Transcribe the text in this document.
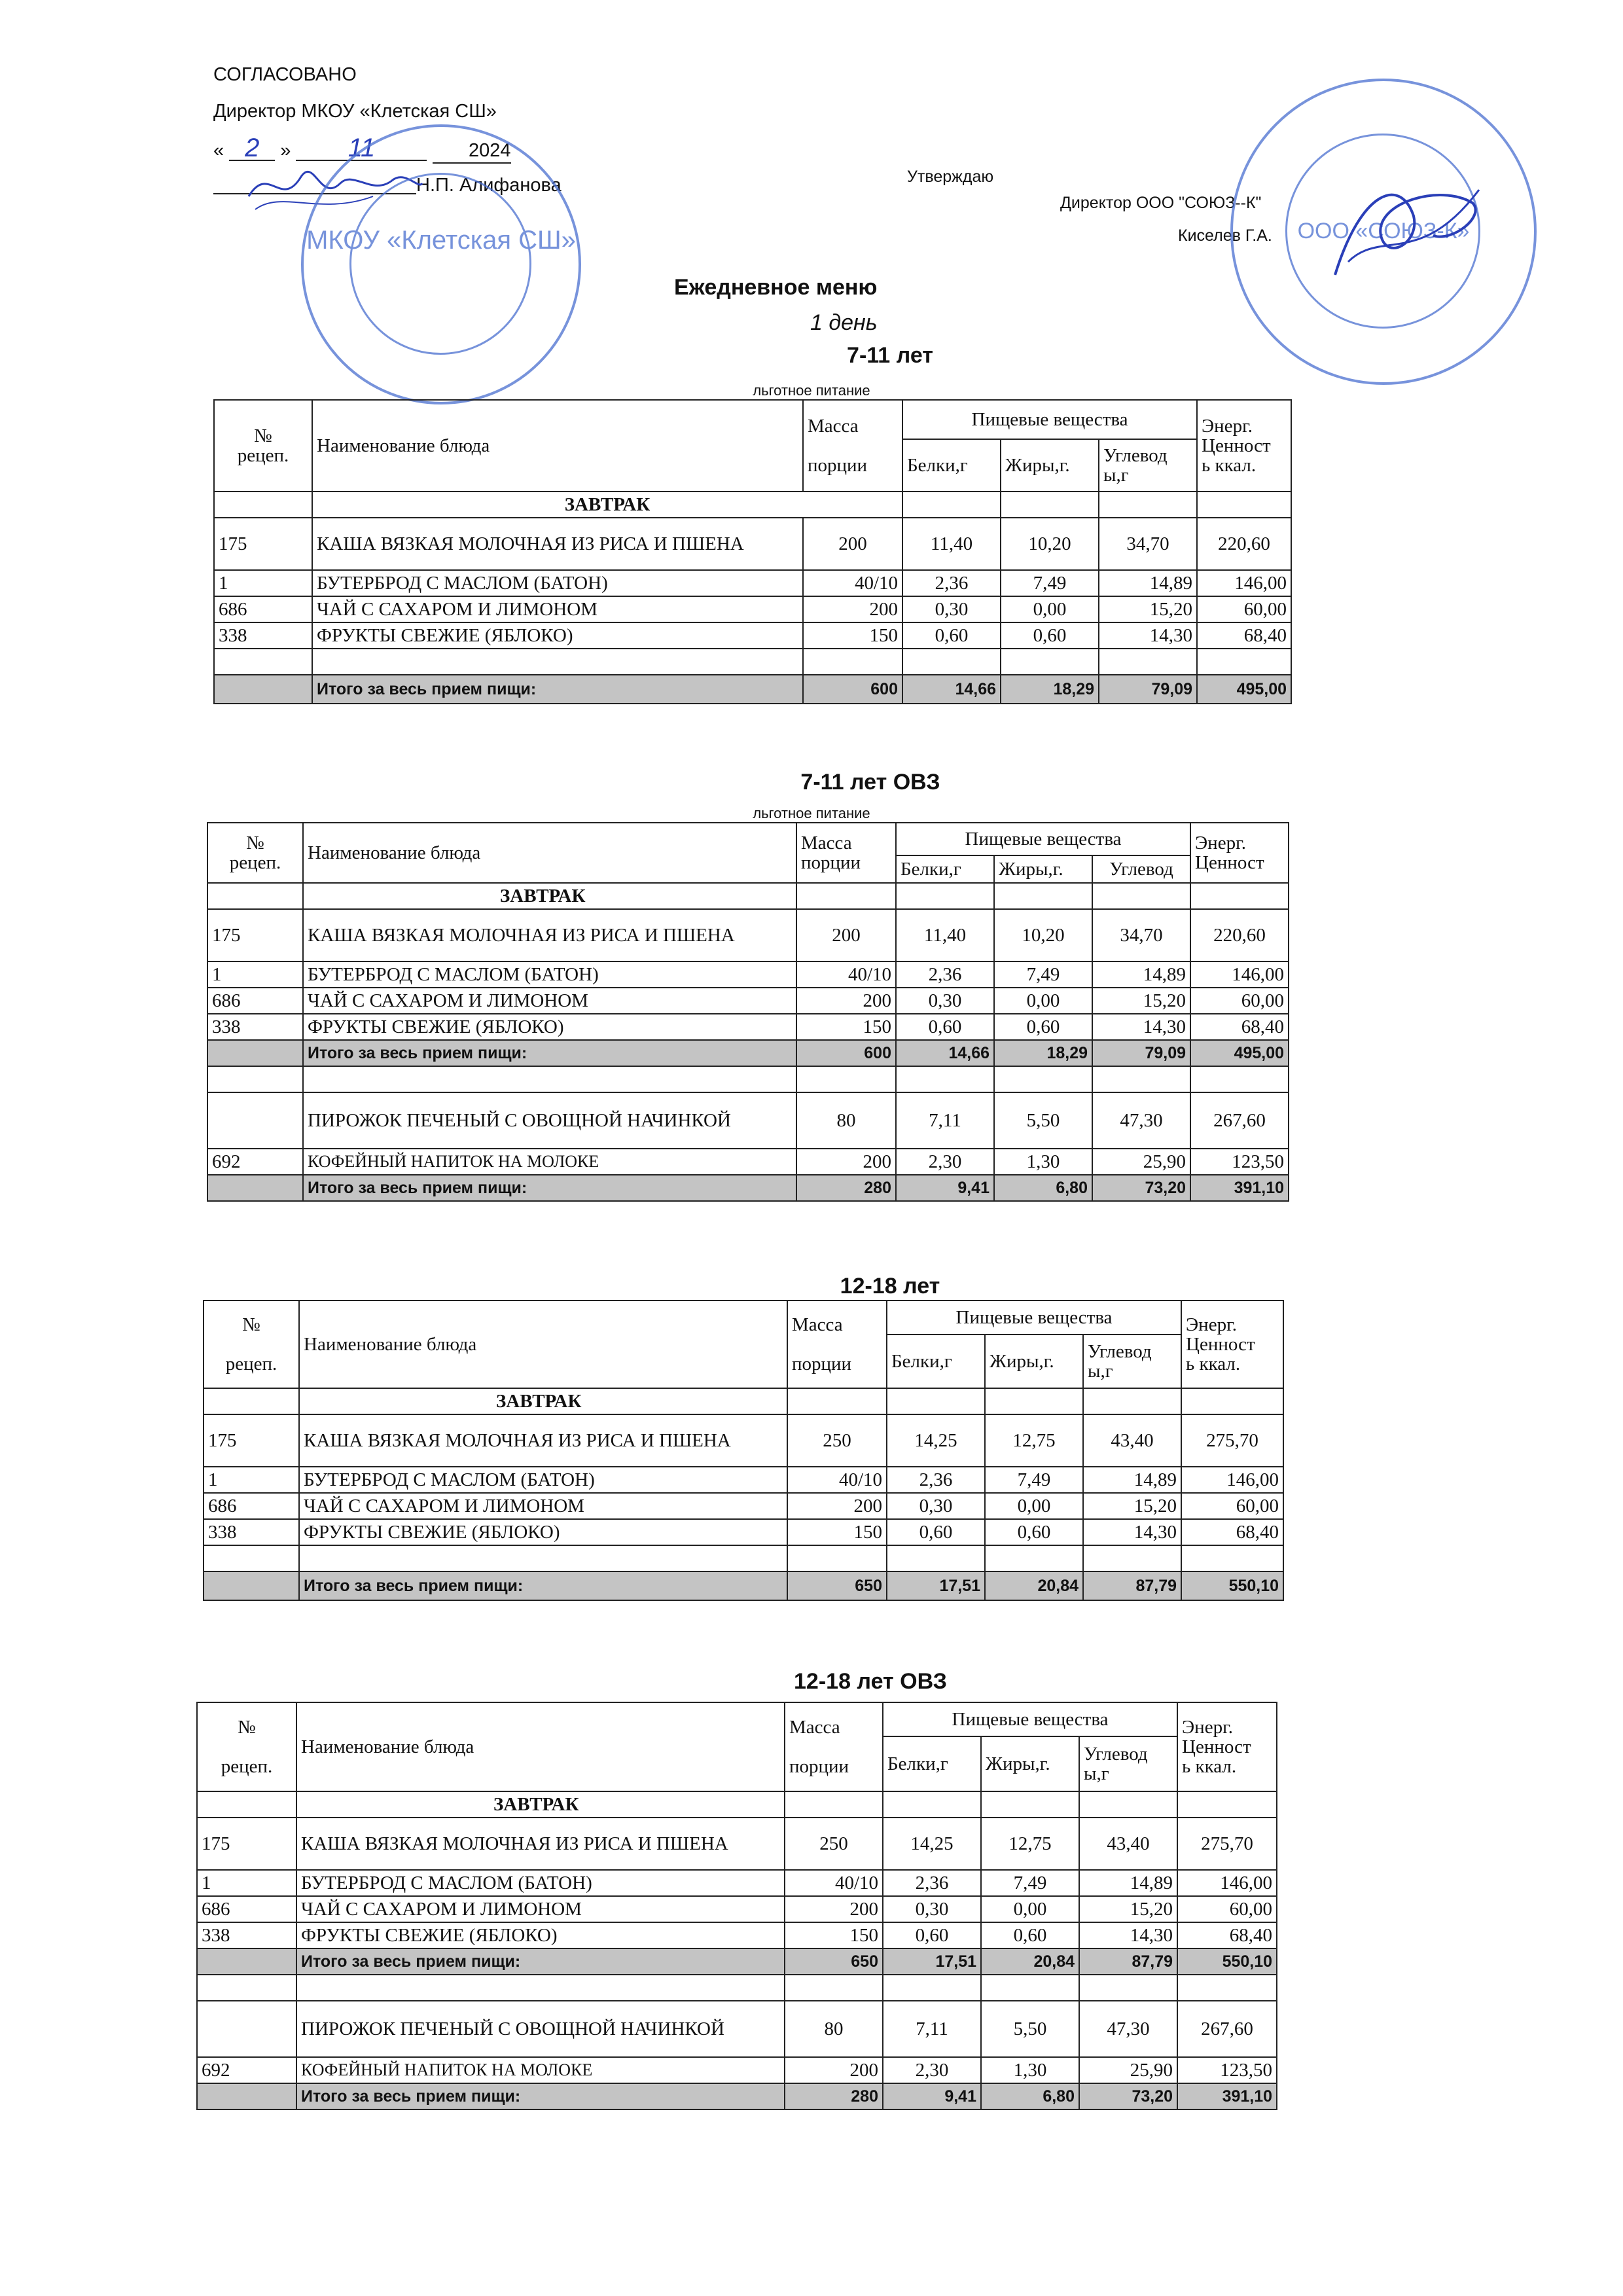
СОГЛАСОВАНО
Директор МКОУ «Клетская СШ»
« 2 » 11	2024
Н.П. Алифанова
МКОУ «Клетская СШ»
Утверждаю
Директор ООО "СОЮЗ--К"
Киселев Г.А.	ООО «СОЮЗ-К»
Ежедневное меню
1 день
7-11 лет
льготное питание
№
рецеп.	Наименование блюда	Масса

порции	Пищевые вещества			Энерг.
Ценност
ь ккал.
			Белки,г	Жиры,г.	Углевод
ы,г	
	ЗАВТРАК					
175	КАША ВЯЗКАЯ МОЛОЧНАЯ ИЗ РИСА И ПШЕНА	200	11,40	10,20	34,70	220,60
1	БУТЕРБРОД С МАСЛОМ (БАТОН)	40/10	2,36	7,49	14,89	146,00
686	ЧАЙ С САХАРОМ И ЛИМОНОМ	200	0,30	0,00	15,20	60,00
338	ФРУКТЫ СВЕЖИЕ (ЯБЛОКО)	150	0,60	0,60	14,30	68,40

	Итого за весь прием пищи:	600	14,66	18,29	79,09	495,00
7-11 лет ОВЗ
льготное питание
№
рецеп.	Наименование блюда	Масса
порции	Пищевые вещества			Энерг.
Ценност
			Белки,г	Жиры,г.	Углевод	
	ЗАВТРАК					
175	КАША ВЯЗКАЯ МОЛОЧНАЯ ИЗ РИСА И ПШЕНА	200	11,40	10,20	34,70	220,60
1	БУТЕРБРОД С МАСЛОМ (БАТОН)	40/10	2,36	7,49	14,89	146,00
686	ЧАЙ С САХАРОМ И ЛИМОНОМ	200	0,30	0,00	15,20	60,00
338	ФРУКТЫ СВЕЖИЕ (ЯБЛОКО)	150	0,60	0,60	14,30	68,40
	Итого за весь прием пищи:	600	14,66	18,29	79,09	495,00

	ПИРОЖОК ПЕЧЕНЫЙ С ОВОЩНОЙ НАЧИНКОЙ	80	7,11	5,50	47,30	267,60
692	КОФЕЙНЫЙ НАПИТОК НА МОЛОКЕ	200	2,30	1,30	25,90	123,50
	Итого за весь прием пищи:	280	9,41	6,80	73,20	391,10
12-18 лет
№

рецеп.	Наименование блюда	Масса

порции	Пищевые вещества			Энерг.
Ценност
ь ккал.
			Белки,г	Жиры,г.	Углевод
ы,г	
	ЗАВТРАК					
175	КАША ВЯЗКАЯ МОЛОЧНАЯ ИЗ РИСА И ПШЕНА	250	14,25	12,75	43,40	275,70
1	БУТЕРБРОД С МАСЛОМ (БАТОН)	40/10	2,36	7,49	14,89	146,00
686	ЧАЙ С САХАРОМ И ЛИМОНОМ	200	0,30	0,00	15,20	60,00
338	ФРУКТЫ СВЕЖИЕ (ЯБЛОКО)	150	0,60	0,60	14,30	68,40

	Итого за весь прием пищи:	650	17,51	20,84	87,79	550,10
12-18 лет ОВЗ
№

рецеп.	Наименование блюда	Масса

порции	Пищевые вещества			Энерг.
Ценност
ь ккал.
			Белки,г	Жиры,г.	Углевод
ы,г	
	ЗАВТРАК					
175	КАША ВЯЗКАЯ МОЛОЧНАЯ ИЗ РИСА И ПШЕНА	250	14,25	12,75	43,40	275,70
1	БУТЕРБРОД С МАСЛОМ (БАТОН)	40/10	2,36	7,49	14,89	146,00
686	ЧАЙ С САХАРОМ И ЛИМОНОМ	200	0,30	0,00	15,20	60,00
338	ФРУКТЫ СВЕЖИЕ (ЯБЛОКО)	150	0,60	0,60	14,30	68,40
	Итого за весь прием пищи:	650	17,51	20,84	87,79	550,10

	ПИРОЖОК ПЕЧЕНЫЙ С ОВОЩНОЙ НАЧИНКОЙ	80	7,11	5,50	47,30	267,60
692	КОФЕЙНЫЙ НАПИТОК НА МОЛОКЕ	200	2,30	1,30	25,90	123,50
	Итого за весь прием пищи:	280	9,41	6,80	73,20	391,10
